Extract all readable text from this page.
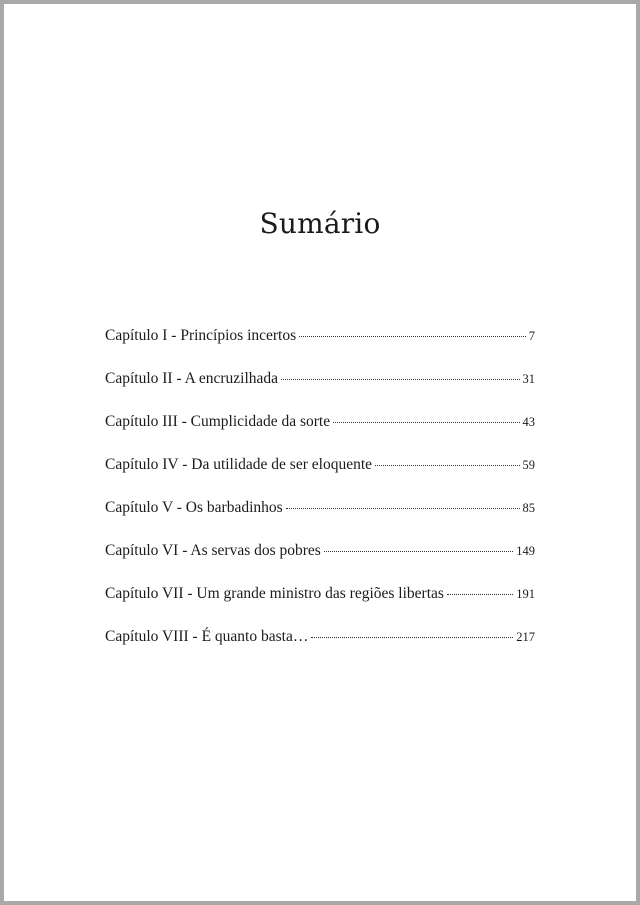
Sumário
Capítulo I - Princípios incertos	7
Capítulo II - A encruzilhada	31
Capítulo III - Cumplicidade da sorte	43
Capítulo IV - Da utilidade de ser eloquente	59
Capítulo V - Os barbadinhos	85
Capítulo VI - As servas dos pobres	149
Capítulo VII - Um grande ministro das regiões libertas	191
Capítulo VIII - É quanto basta…	217
